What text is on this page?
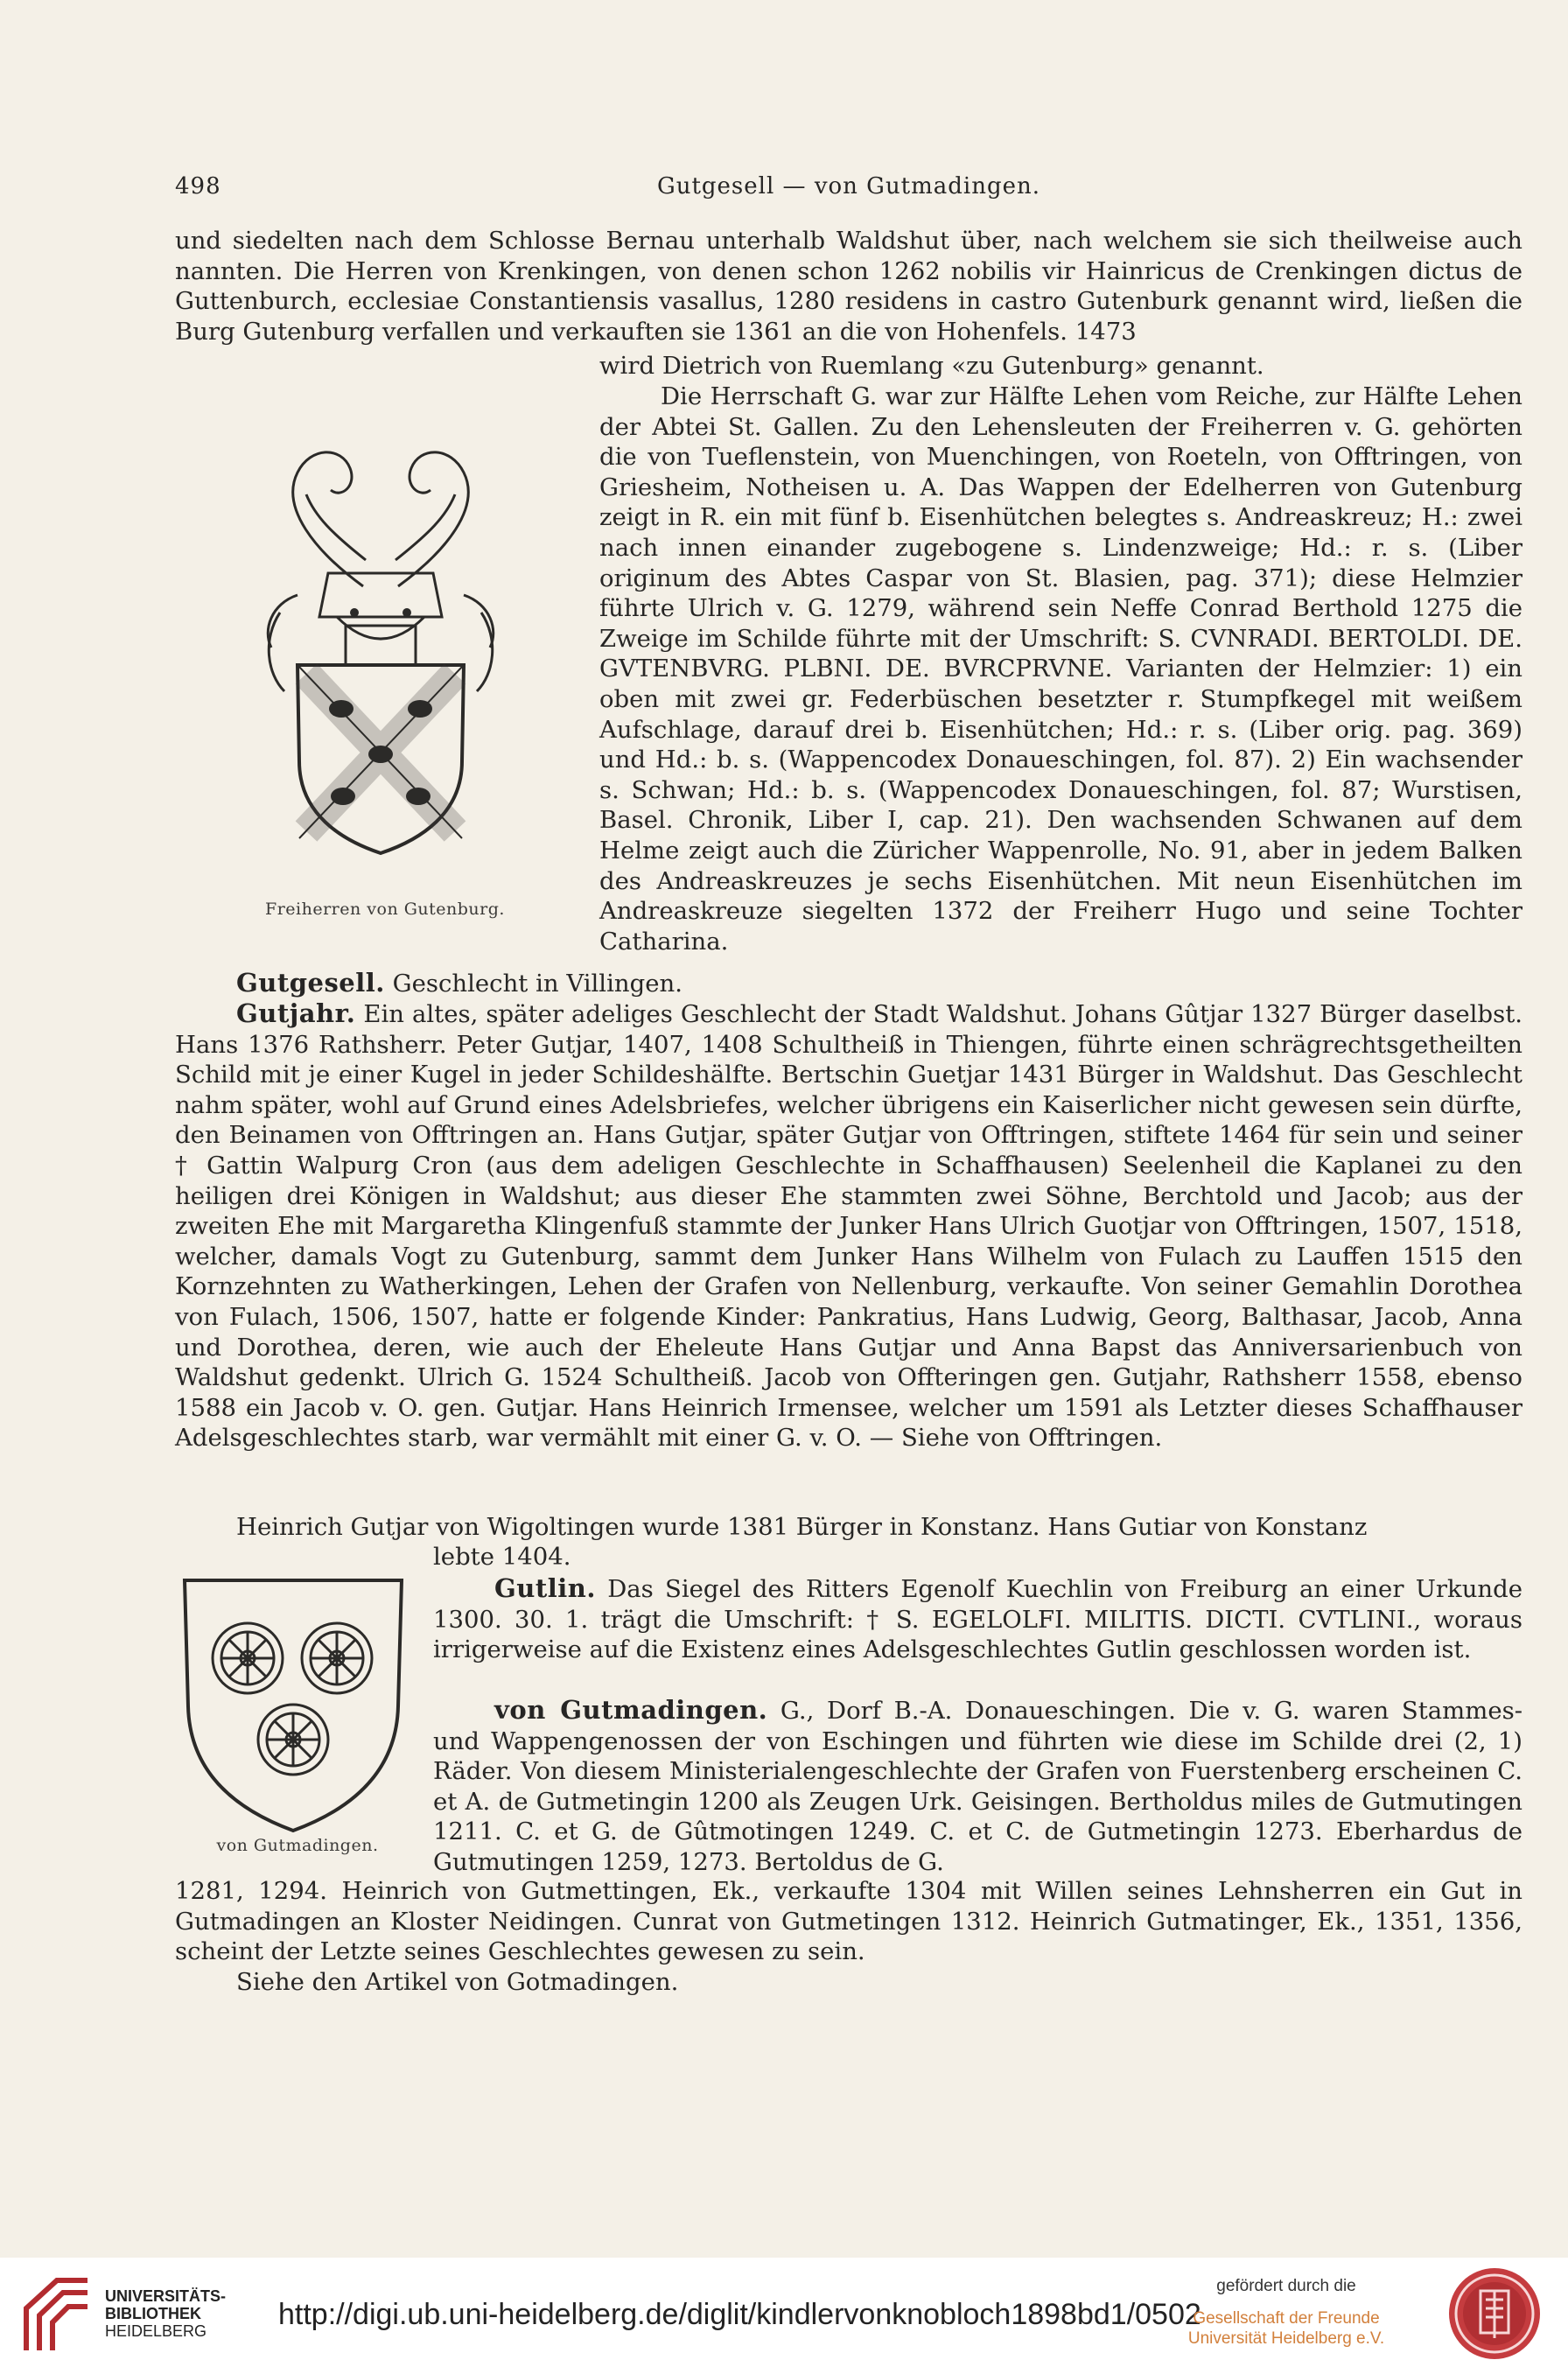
498	Gutgesell — von Gutmadingen.
und siedelten nach dem Schlosse Bernau unterhalb Waldshut über, nach welchem sie sich theilweise auch nannten. Die Herren von Krenkingen, von denen schon 1262 nobilis vir Hainricus de Crenkingen dictus de Guttenburch, ecclesiae Constantiensis vasallus, 1280 residens in castro Gutenburk genannt wird, ließen die Burg Gutenburg verfallen und verkauften sie 1361 an die von Hohenfels. 1473
wird Dietrich von Ruemlang «zu Gutenburg» genannt.
Freiherren von Gutenburg.
Die Herrschaft G. war zur Hälfte Lehen vom Reiche, zur Hälfte Lehen der Abtei St. Gallen. Zu den Lehensleuten der Freiherren v. G. gehörten die von Tueflenstein, von Muenchingen, von Roeteln, von Offtringen, von Griesheim, Notheisen u. A. Das Wappen der Edelherren von Gutenburg zeigt in R. ein mit fünf b. Eisenhütchen belegtes s. Andreaskreuz; H.: zwei nach innen einander zugebogene s. Lindenzweige; Hd.: r. s. (Liber originum des Abtes Caspar von St. Blasien, pag. 371); diese Helmzier führte Ulrich v. G. 1279, während sein Neffe Conrad Berthold 1275 die Zweige im Schilde führte mit der Umschrift: S. CVNRADI. BERTOLDI. DE. GVTENBVRG. PLBNI. DE. BVRCPRVNE. Varianten der Helmzier: 1) ein oben mit zwei gr. Federbüschen besetzter r. Stumpfkegel mit weißem Aufschlage, darauf drei b. Eisenhütchen; Hd.: r. s. (Liber orig. pag. 369) und Hd.: b. s. (Wappencodex Donaueschingen, fol. 87). 2) Ein wachsender s. Schwan; Hd.: b. s. (Wappencodex Donaueschingen, fol. 87; Wurstisen, Basel. Chronik, Liber I, cap. 21). Den wachsenden Schwanen auf dem Helme zeigt auch die Züricher Wappenrolle, No. 91, aber in jedem Balken des Andreaskreuzes je sechs Eisenhütchen. Mit neun Eisenhütchen im Andreaskreuze siegelten 1372 der Freiherr Hugo und seine Tochter Catharina.
Gutgesell. Geschlecht in Villingen.
Gutjahr. Ein altes, später adeliges Geschlecht der Stadt Waldshut. Johans Gûtjar 1327 Bürger daselbst. Hans 1376 Rathsherr. Peter Gutjar, 1407, 1408 Schultheiß in Thiengen, führte einen schrägrechtsgetheilten Schild mit je einer Kugel in jeder Schildeshälfte. Bertschin Guetjar 1431 Bürger in Waldshut. Das Geschlecht nahm später, wohl auf Grund eines Adelsbriefes, welcher übrigens ein Kaiserlicher nicht gewesen sein dürfte, den Beinamen von Offtringen an. Hans Gutjar, später Gutjar von Offtringen, stiftete 1464 für sein und seiner † Gattin Walpurg Cron (aus dem adeligen Geschlechte in Schaffhausen) Seelenheil die Kaplanei zu den heiligen drei Königen in Waldshut; aus dieser Ehe stammten zwei Söhne, Berchtold und Jacob; aus der zweiten Ehe mit Margaretha Klingenfuß stammte der Junker Hans Ulrich Guotjar von Offtringen, 1507, 1518, welcher, damals Vogt zu Gutenburg, sammt dem Junker Hans Wilhelm von Fulach zu Lauffen 1515 den Kornzehnten zu Watherkingen, Lehen der Grafen von Nellenburg, verkaufte. Von seiner Gemahlin Dorothea von Fulach, 1506, 1507, hatte er folgende Kinder: Pankratius, Hans Ludwig, Georg, Balthasar, Jacob, Anna und Dorothea, deren, wie auch der Eheleute Hans Gutjar und Anna Bapst das Anniversarienbuch von Waldshut gedenkt. Ulrich G. 1524 Schultheiß. Jacob von Offteringen gen. Gutjahr, Rathsherr 1558, ebenso 1588 ein Jacob v. O. gen. Gutjar. Hans Heinrich Irmensee, welcher um 1591 als Letzter dieses Schaffhauser Adelsgeschlechtes starb, war vermählt mit einer G. v. O. — Siehe von Offtringen.
Heinrich Gutjar von Wigoltingen wurde 1381 Bürger in Konstanz. Hans Gutiar von Konstanz
lebte 1404.
von Gutmadingen.
Gutlin. Das Siegel des Ritters Egenolf Kuechlin von Freiburg an einer Urkunde 1300. 30. 1. trägt die Umschrift: † S. EGELOLFI. MILITIS. DICTI. CVTLINI., woraus irrigerweise auf die Existenz eines Adelsgeschlechtes Gutlin geschlossen worden ist.
von Gutmadingen. G., Dorf B.-A. Donaueschingen. Die v. G. waren Stammes- und Wappengenossen der von Eschingen und führten wie diese im Schilde drei (2, 1) Räder. Von diesem Ministerialengeschlechte der Grafen von Fuerstenberg erscheinen C. et A. de Gutmetingin 1200 als Zeugen Urk. Geisingen. Bertholdus miles de Gutmutingen 1211. C. et G. de Gûtmotingen 1249. C. et C. de Gutmetingin 1273. Eberhardus de Gutmutingen 1259, 1273. Bertoldus de G.
1281, 1294. Heinrich von Gutmettingen, Ek., verkaufte 1304 mit Willen seines Lehnsherren ein Gut in Gutmadingen an Kloster Neidingen. Cunrat von Gutmetingen 1312. Heinrich Gutmatinger, Ek., 1351, 1356, scheint der Letzte seines Geschlechtes gewesen zu sein.
Siehe den Artikel von Gotmadingen.
UNIVERSITÄTS-
BIBLIOTHEK
HEIDELBERG	http://digi.ub.uni-heidelberg.de/diglit/kindlervonknobloch1898bd1/0502
gefördert durch die
Gesellschaft der Freunde
Universität Heidelberg e.V.
